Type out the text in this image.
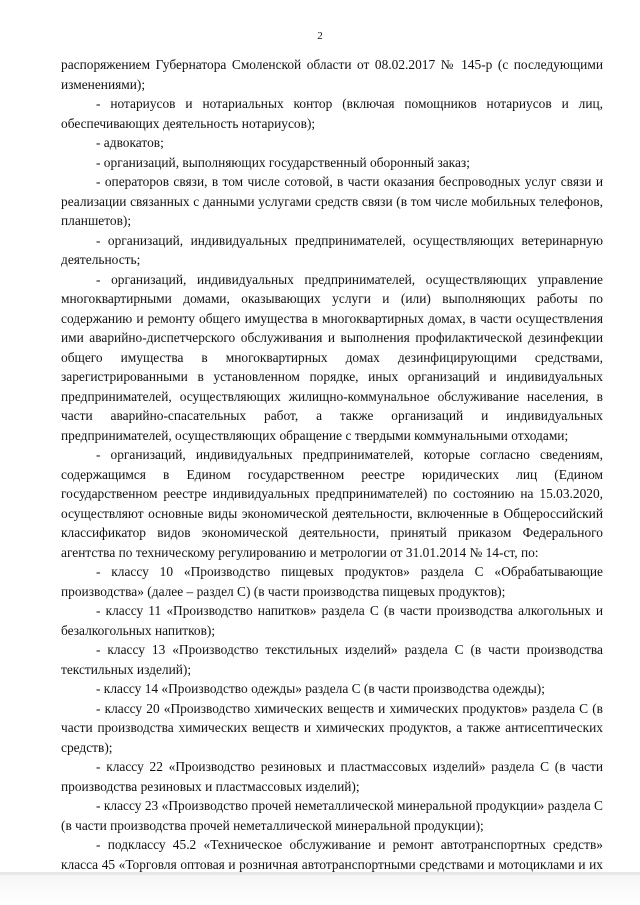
2

распоряжением Губернатора Смоленской области от 08.02.2017 № 145-р (с последующими изменениями);

- нотариусов и нотариальных контор (включая помощников нотариусов и лиц, обеспечивающих деятельность нотариусов);

- адвокатов;

- организаций, выполняющих государственный оборонный заказ;

- операторов связи, в том числе сотовой, в части оказания беспроводных услуг связи и реализации связанных с данными услугами средств связи (в том числе мобильных телефонов, планшетов);

- организаций, индивидуальных предпринимателей, осуществляющих ветеринарную деятельность;

- организаций, индивидуальных предпринимателей, осуществляющих управление многоквартирными домами, оказывающих услуги и (или) выполняющих работы по содержанию и ремонту общего имущества в многоквартирных домах, в части осуществления ими аварийно-диспетчерского обслуживания и выполнения профилактической дезинфекции общего имущества в многоквартирных домах дезинфицирующими средствами, зарегистрированными в установленном порядке, иных организаций и индивидуальных предпринимателей, осуществляющих жилищно-коммунальное обслуживание населения, в части аварийно-спасательных работ, а также организаций и индивидуальных предпринимателей, осуществляющих обращение с твердыми коммунальными отходами;

- организаций, индивидуальных предпринимателей, которые согласно сведениям, содержащимся в Едином государственном реестре юридических лиц (Едином государственном реестре индивидуальных предпринимателей) по состоянию на 15.03.2020, осуществляют основные виды экономической деятельности, включенные в Общероссийский классификатор видов экономической деятельности, принятый приказом Федерального агентства по техническому регулированию и метрологии от 31.01.2014 № 14-ст, по:

- классу 10 «Производство пищевых продуктов» раздела С «Обрабатывающие производства» (далее – раздел С) (в части производства пищевых продуктов);

- классу 11 «Производство напитков» раздела С (в части производства алкогольных и безалкогольных напитков);

- классу 13 «Производство текстильных изделий» раздела С (в части производства текстильных изделий);

- классу 14 «Производство одежды» раздела С (в части производства одежды);

- классу 20 «Производство химических веществ и химических продуктов» раздела С (в части производства химических веществ и химических продуктов, а также антисептических средств);

- классу 22 «Производство резиновых и пластмассовых изделий» раздела С (в части производства резиновых и пластмассовых изделий);

- классу 23 «Производство прочей неметаллической минеральной продукции» раздела С (в части производства прочей неметаллической минеральной продукции);

- подклассу 45.2 «Техническое обслуживание и ремонт автотранспортных средств» класса 45 «Торговля оптовая и розничная автотранспортными средствами и мотоциклами и их
